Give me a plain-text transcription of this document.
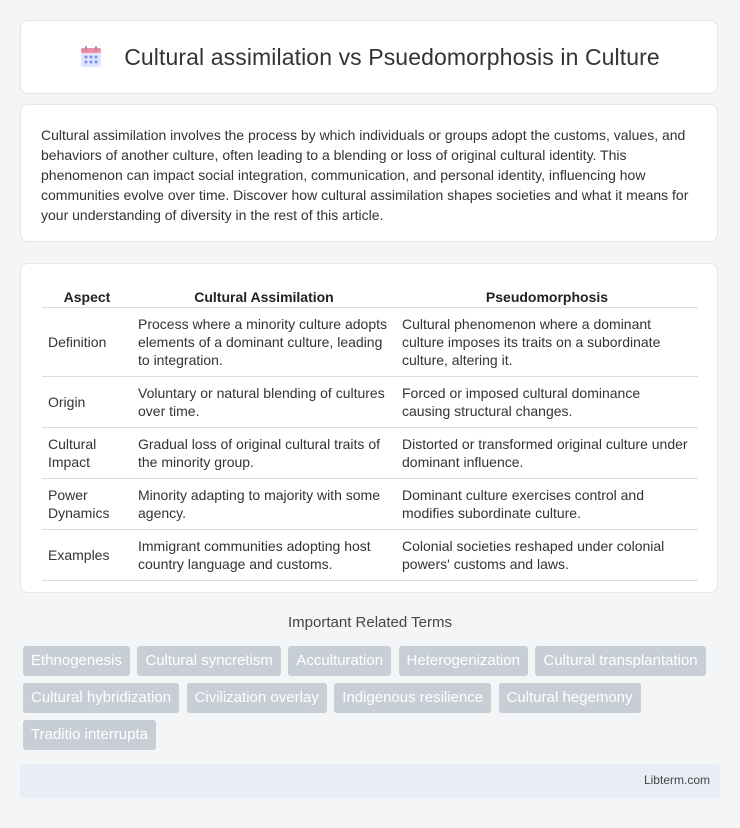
Cultural assimilation vs Psuedomorphosis in Culture

Cultural assimilation involves the process by which individuals or groups adopt the customs, values, and behaviors of another culture, often leading to a blending or loss of original cultural identity. This phenomenon can impact social integration, communication, and personal identity, influencing how communities evolve over time. Discover how cultural assimilation shapes societies and what it means for your understanding of diversity in the rest of this article.

Aspect	Cultural Assimilation	Pseudomorphosis
Definition	Process where a minority culture adopts elements of a dominant culture, leading to integration.	Cultural phenomenon where a dominant culture imposes its traits on a subordinate culture, altering it.
Origin	Voluntary or natural blending of cultures over time.	Forced or imposed cultural dominance causing structural changes.
Cultural Impact	Gradual loss of original cultural traits of the minority group.	Distorted or transformed original culture under dominant influence.
Power Dynamics	Minority adapting to majority with some agency.	Dominant culture exercises control and modifies subordinate culture.
Examples	Immigrant communities adopting host country language and customs.	Colonial societies reshaped under colonial powers' customs and laws.
Important Related Terms
Ethnogenesis Cultural syncretism Acculturation Heterogenization Cultural transplantation Cultural hybridization Civilization overlay Indigenous resilience Cultural hegemony Traditio interrupta
Libterm.com
